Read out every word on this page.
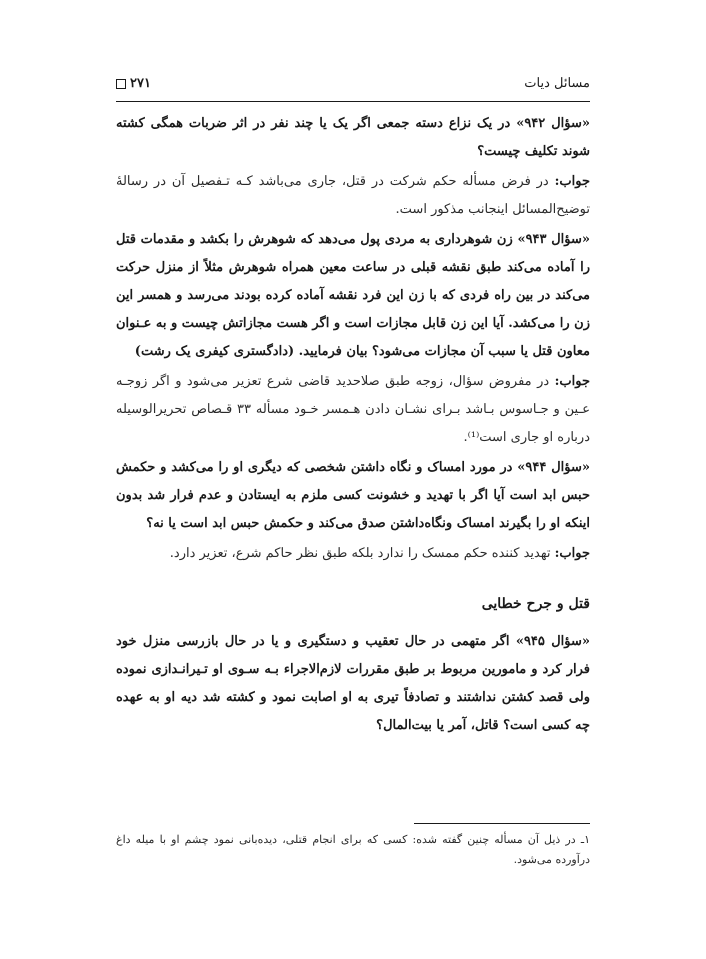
مسائل دیات
۲۷۱

«سؤال ۹۴۲» در یک نزاع دسته جمعی اگر یک یا چند نفر در اثر ضربات همگی کشته شوند تکلیف چیست؟

جواب: در فرض مسأله حکم شرکت در قتل، جاری می‌باشد کـه تـفصیل آن در رسالهٔ توضیح‌المسائل اینجانب مذکور است.

«سؤال ۹۴۳» زن شوهرداری به مردی پول می‌دهد که شوهرش را بکشد و مقدمات قتل را آماده می‌کند طبق نقشه قبلی در ساعت معین همراه شوهرش مثلاً از منزل حرکت می‌کند در بین راه فردی که با زن این فرد نقشه آماده کرده بودند می‌رسد و همسر این زن را می‌کشد. آیا این زن قابل مجازات است و اگر هست مجازاتش چیست و به عـنوان معاون قتل یا سبب آن مجازات می‌شود؟ بیان فرمایید. (دادگستری کیفری یک رشت)

جواب: در مفروض سؤال، زوجه طبق صلاحدید قاضی شرع تعزیر می‌شود و اگر زوجـه عـین و جـاسوس بـاشد بـرای نشـان دادن هـمسر خـود مسأله ۳۳ قـصاص تحریرالوسیله درباره او جاری است⁽¹⁾.

«سؤال ۹۴۴» در مورد امساک و نگاه داشتن شخصی که دیگری او را می‌کشد و حکمش حبس ابد است آیا اگر با تهدید و خشونت کسی ملزم به ایستادن و عدم فرار شد بدون اینکه او را بگیرند امساک ونگاه‌داشتن صدق می‌کند و حکمش حبس ابد است یا نه؟

جواب: تهدید کننده حکم ممسک را ندارد بلکه طبق نظر حاکم شرع، تعزیر دارد.

قتل و جرح خطایی

«سؤال ۹۴۵» اگر متهمی در حال تعقیب و دستگیری و یا در حال بازرسی منزل خود فرار کرد و مامورین مربوط بر طبق مقررات لازم‌الاجراء بـه سـوی او تـیرانـدازی نموده ولی قصد کشتن نداشتند و تصادفاً تیری به او اصابت نمود و کشته شد دیه او به عهده چه کسی است؟ قاتل، آمر یا بیت‌المال؟

۱ـ در ذیل آن مسأله چنین گفته شده: کسی که برای انجام قتلی، دیده‌بانی نمود چشم او با میله داغ درآورده می‌شود.
